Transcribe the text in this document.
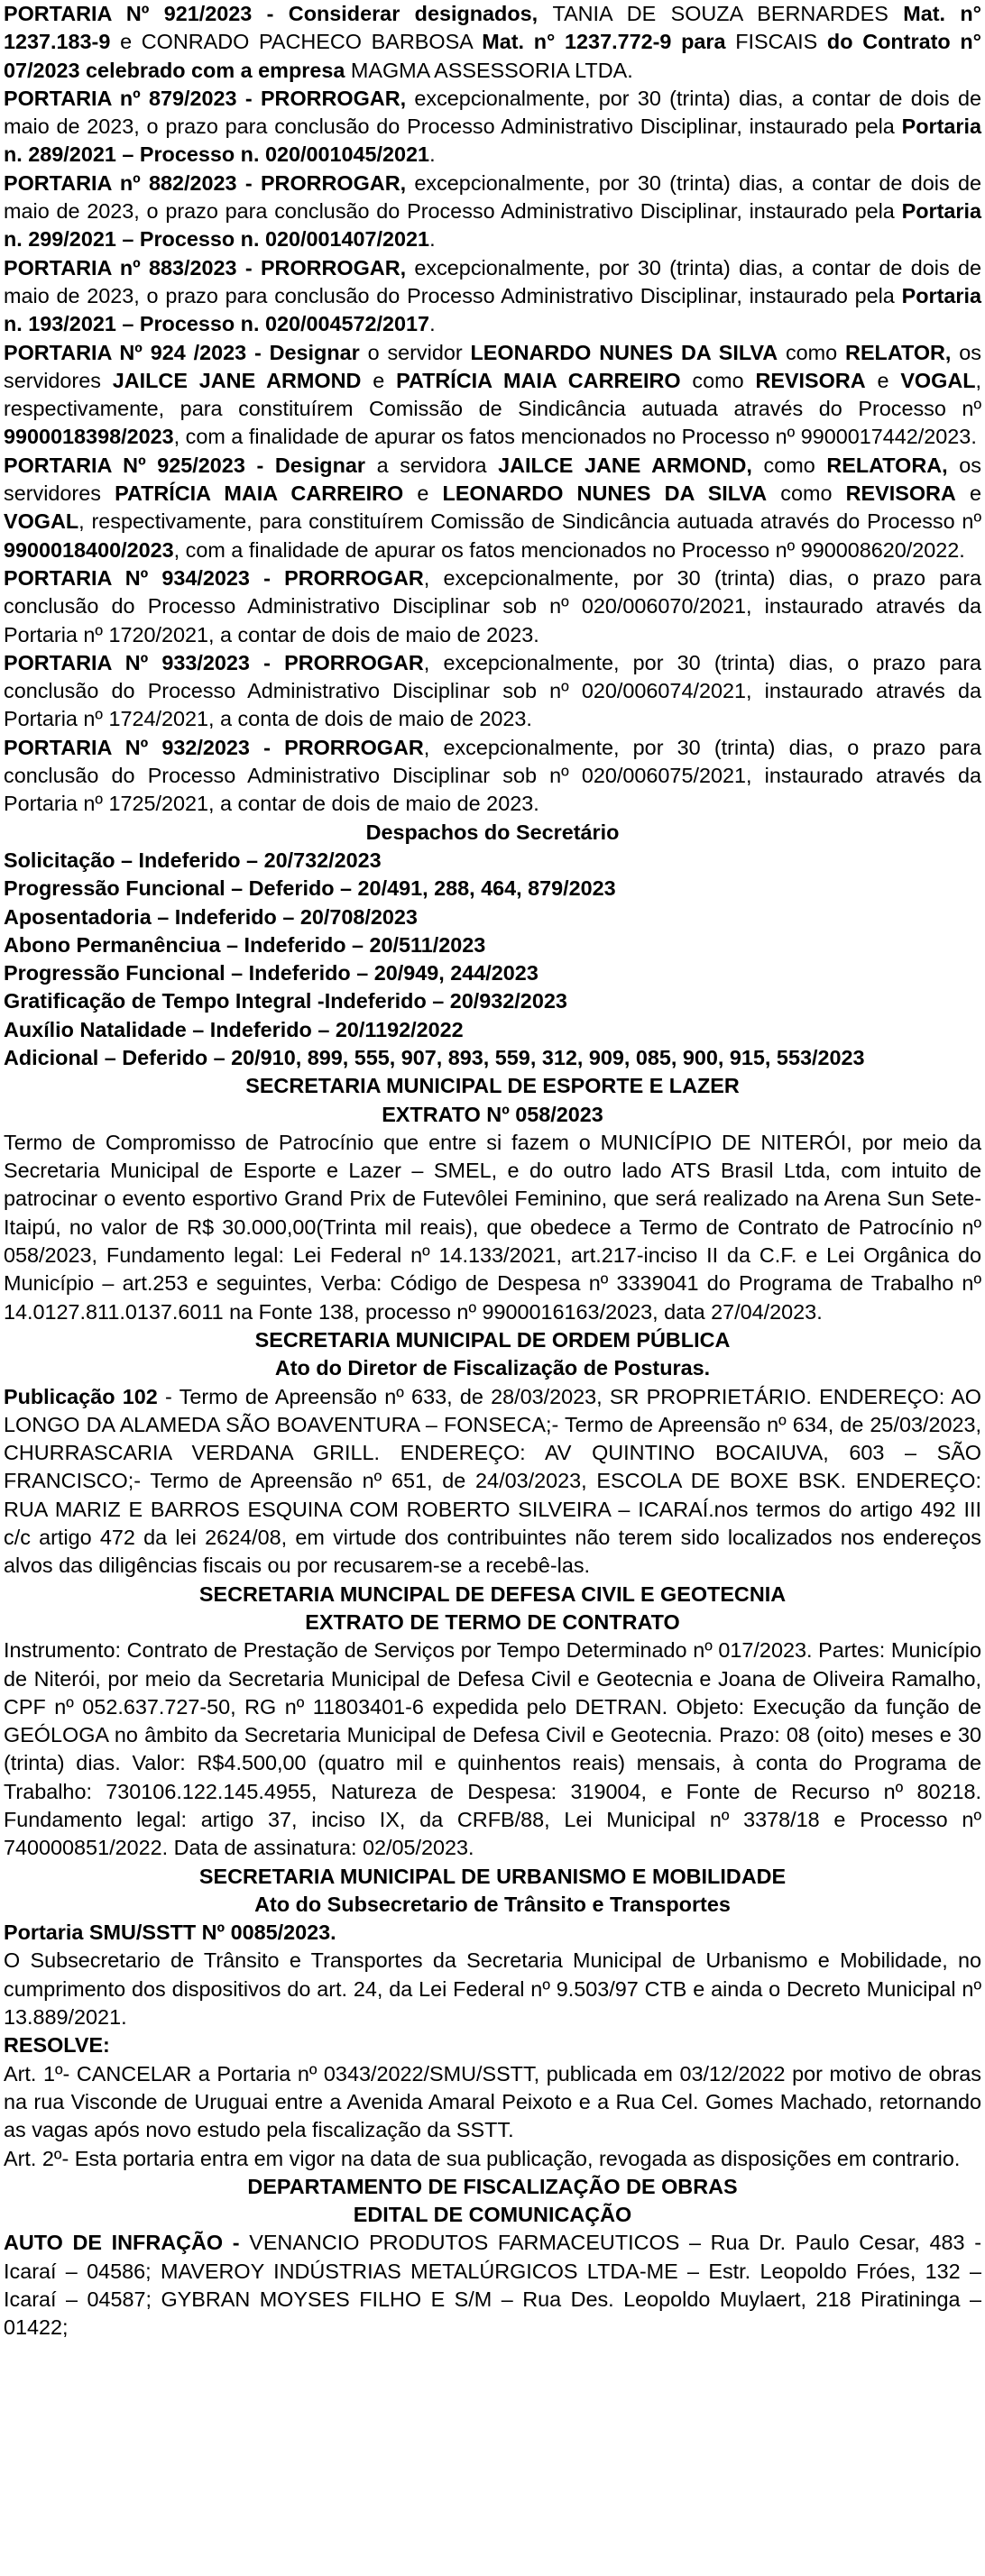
PORTARIA Nº 921/2023 - Considerar designados, TANIA DE SOUZA BERNARDES Mat. n° 1237.183-9 e CONRADO PACHECO BARBOSA Mat. n° 1237.772-9 para FISCAIS do Contrato n° 07/2023 celebrado com a empresa MAGMA ASSESSORIA LTDA.

PORTARIA nº 879/2023 - PRORROGAR, excepcionalmente, por 30 (trinta) dias, a contar de dois de maio de 2023, o prazo para conclusão do Processo Administrativo Disciplinar, instaurado pela Portaria n. 289/2021 – Processo n. 020/001045/2021.

PORTARIA nº 882/2023 - PRORROGAR, excepcionalmente, por 30 (trinta) dias, a contar de dois de maio de 2023, o prazo para conclusão do Processo Administrativo Disciplinar, instaurado pela Portaria n. 299/2021 – Processo n. 020/001407/2021.

PORTARIA nº 883/2023 - PRORROGAR, excepcionalmente, por 30 (trinta) dias, a contar de dois de maio de 2023, o prazo para conclusão do Processo Administrativo Disciplinar, instaurado pela Portaria n. 193/2021 – Processo n. 020/004572/2017.

PORTARIA Nº 924 /2023 - Designar o servidor LEONARDO NUNES DA SILVA como RELATOR, os servidores JAILCE JANE ARMOND e PATRÍCIA MAIA CARREIRO como REVISORA e VOGAL, respectivamente, para constituírem Comissão de Sindicância autuada através do Processo nº 9900018398/2023, com a finalidade de apurar os fatos mencionados no Processo nº 9900017442/2023.

PORTARIA Nº 925/2023 - Designar a servidora JAILCE JANE ARMOND, como RELATORA, os servidores PATRÍCIA MAIA CARREIRO e LEONARDO NUNES DA SILVA como REVISORA e VOGAL, respectivamente, para constituírem Comissão de Sindicância autuada através do Processo nº 9900018400/2023, com a finalidade de apurar os fatos mencionados no Processo nº 990008620/2022.

PORTARIA Nº 934/2023 - PRORROGAR, excepcionalmente, por 30 (trinta) dias, o prazo para conclusão do Processo Administrativo Disciplinar sob nº 020/006070/2021, instaurado através da Portaria nº 1720/2021, a contar de dois de maio de 2023.

PORTARIA Nº 933/2023 - PRORROGAR, excepcionalmente, por 30 (trinta) dias, o prazo para conclusão do Processo Administrativo Disciplinar sob nº 020/006074/2021, instaurado através da Portaria nº 1724/2021, a conta de dois de maio de 2023.

PORTARIA Nº 932/2023 - PRORROGAR, excepcionalmente, por 30 (trinta) dias, o prazo para conclusão do Processo Administrativo Disciplinar sob nº 020/006075/2021, instaurado através da Portaria nº 1725/2021, a contar de dois de maio de 2023.

Despachos do Secretário

Solicitação – Indeferido – 20/732/2023

Progressão Funcional – Deferido – 20/491, 288, 464, 879/2023

Aposentadoria – Indeferido – 20/708/2023

Abono Permanênciua – Indeferido – 20/511/2023

Progressão Funcional – Indeferido – 20/949, 244/2023

Gratificação de Tempo Integral -Indeferido – 20/932/2023

Auxílio Natalidade – Indeferido – 20/1192/2022

Adicional – Deferido – 20/910, 899, 555, 907, 893, 559, 312, 909, 085, 900, 915, 553/2023

SECRETARIA MUNICIPAL DE ESPORTE E LAZER

EXTRATO Nº 058/2023

Termo de Compromisso de Patrocínio que entre si fazem o MUNICÍPIO DE NITERÓI, por meio da Secretaria Municipal de Esporte e Lazer – SMEL, e do outro lado ATS Brasil Ltda, com intuito de patrocinar o evento esportivo Grand Prix de Futevôlei Feminino, que será realizado na Arena Sun Sete-Itaipú, no valor de R$ 30.000,00(Trinta mil reais), que obedece a Termo de Contrato de Patrocínio nº 058/2023, Fundamento legal: Lei Federal nº 14.133/2021, art.217-inciso II da C.F. e Lei Orgânica do Município – art.253 e seguintes, Verba: Código de Despesa nº 3339041 do Programa de Trabalho nº 14.0127.811.0137.6011 na Fonte 138, processo nº 9900016163/2023, data 27/04/2023.

SECRETARIA MUNICIPAL DE ORDEM PÚBLICA

Ato do Diretor de Fiscalização de Posturas.

Publicação 102 - Termo de Apreensão nº 633, de 28/03/2023, SR PROPRIETÁRIO. ENDEREÇO: AO LONGO DA ALAMEDA SÃO BOAVENTURA – FONSECA;- Termo de Apreensão nº 634, de 25/03/2023, CHURRASCARIA VERDANA GRILL. ENDEREÇO: AV QUINTINO BOCAIUVA, 603 – SÃO FRANCISCO;- Termo de Apreensão nº 651, de 24/03/2023, ESCOLA DE BOXE BSK. ENDEREÇO: RUA MARIZ E BARROS ESQUINA COM ROBERTO SILVEIRA – ICARAÍ.nos termos do artigo 492 III c/c artigo 472 da lei 2624/08, em virtude dos contribuintes não terem sido localizados nos endereços alvos das diligências fiscais ou por recusarem-se a recebê-las.

SECRETARIA MUNCIPAL DE DEFESA CIVIL E GEOTECNIA

EXTRATO DE TERMO DE CONTRATO

Instrumento: Contrato de Prestação de Serviços por Tempo Determinado nº 017/2023. Partes: Município de Niterói, por meio da Secretaria Municipal de Defesa Civil e Geotecnia e Joana de Oliveira Ramalho, CPF nº 052.637.727-50, RG nº 11803401-6 expedida pelo DETRAN. Objeto: Execução da função de GEÓLOGA no âmbito da Secretaria Municipal de Defesa Civil e Geotecnia. Prazo: 08 (oito) meses e 30 (trinta) dias. Valor: R$4.500,00 (quatro mil e quinhentos reais) mensais, à conta do Programa de Trabalho: 730106.122.145.4955, Natureza de Despesa: 319004, e Fonte de Recurso nº 80218. Fundamento legal: artigo 37, inciso IX, da CRFB/88, Lei Municipal nº 3378/18 e Processo nº 740000851/2022. Data de assinatura: 02/05/2023.

SECRETARIA MUNICIPAL DE URBANISMO E MOBILIDADE

Ato do Subsecretario de Trânsito e Transportes

Portaria SMU/SSTT Nº 0085/2023.

O Subsecretario de Trânsito e Transportes da Secretaria Municipal de Urbanismo e Mobilidade, no cumprimento dos dispositivos do art. 24, da Lei Federal nº 9.503/97 CTB e ainda o Decreto Municipal nº 13.889/2021.

RESOLVE:

Art. 1º- CANCELAR a Portaria nº 0343/2022/SMU/SSTT, publicada em 03/12/2022 por motivo de obras na rua Visconde de Uruguai entre a Avenida Amaral Peixoto e a Rua Cel. Gomes Machado, retornando as vagas após novo estudo pela fiscalização da SSTT.

Art. 2º- Esta portaria entra em vigor na data de sua publicação, revogada as disposições em contrario.

DEPARTAMENTO DE FISCALIZAÇÃO DE OBRAS

EDITAL DE COMUNICAÇÃO

AUTO DE INFRAÇÃO - VENANCIO PRODUTOS FARMACEUTICOS – Rua Dr. Paulo Cesar, 483 -Icaraí – 04586; MAVEROY INDÚSTRIAS METALÚRGICOS LTDA-ME – Estr. Leopoldo Fróes, 132 – Icaraí – 04587; GYBRAN MOYSES FILHO E S/M – Rua Des. Leopoldo Muylaert, 218 Piratininga – 01422;
